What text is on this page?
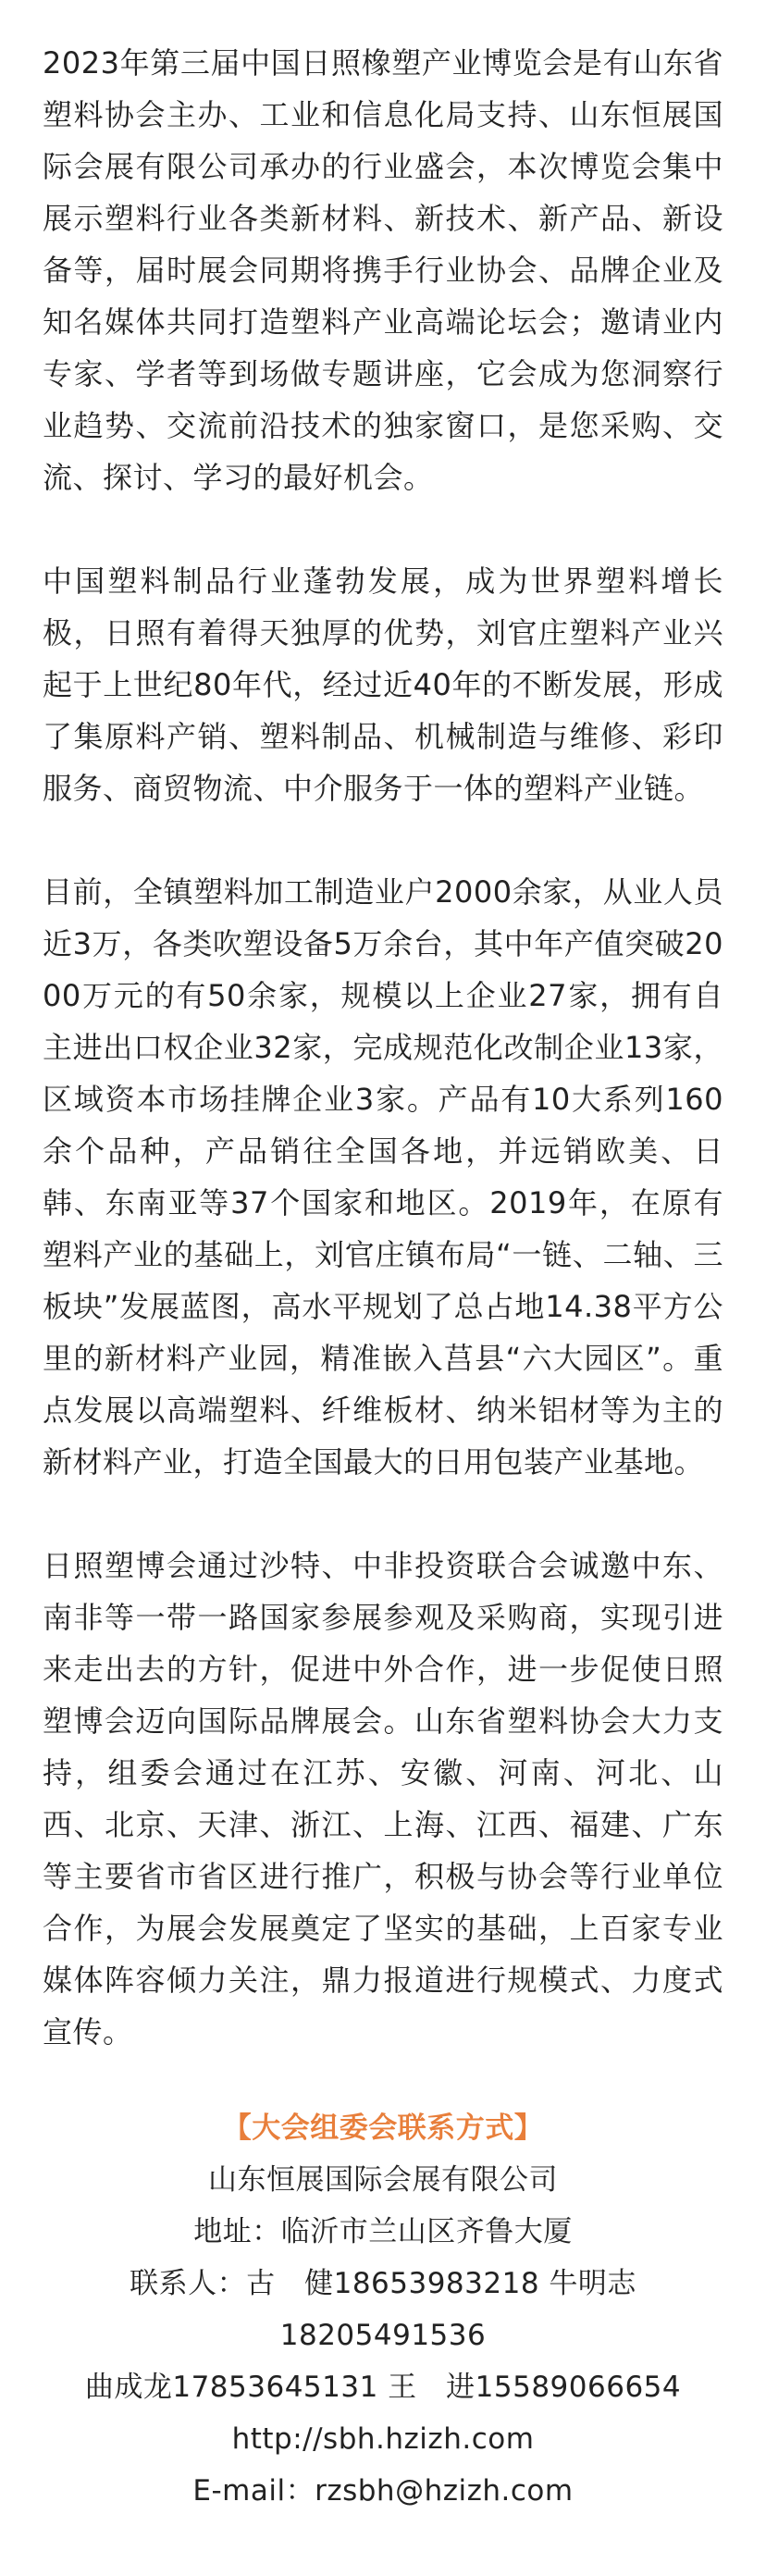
2023年第三届中国日照橡塑产业博览会是有山东省塑料协会主办、工业和信息化局支持、山东恒展国际会展有限公司承办的行业盛会，本次博览会集中展示塑料行业各类新材料、新技术、新产品、新设备等，届时展会同期将携手行业协会、品牌企业及知名媒体共同打造塑料产业高端论坛会；邀请业内专家、学者等到场做专题讲座，它会成为您洞察行业趋势、交流前沿技术的独家窗口，是您采购、交流、探讨、学习的最好机会。

中国塑料制品行业蓬勃发展，成为世界塑料增长极，日照有着得天独厚的优势，刘官庄塑料产业兴起于上世纪80年代，经过近40年的不断发展，形成了集原料产销、塑料制品、机械制造与维修、彩印服务、商贸物流、中介服务于一体的塑料产业链。

目前，全镇塑料加工制造业户2000余家，从业人员近3万，各类吹塑设备5万余台，其中年产值突破2000万元的有50余家，规模以上企业27家，拥有自主进出口权企业32家，完成规范化改制企业13家，区域资本市场挂牌企业3家。产品有10大系列160余个品种，产品销往全国各地，并远销欧美、日韩、东南亚等37个国家和地区。2019年，在原有塑料产业的基础上，刘官庄镇布局“一链、二轴、三板块”发展蓝图，高水平规划了总占地14.38平方公里的新材料产业园，精准嵌入莒县“六大园区”。重点发展以高端塑料、纤维板材、纳米铝材等为主的新材料产业，打造全国最大的日用包装产业基地。

日照塑博会通过沙特、中非投资联合会诚邀中东、南非等一带一路国家参展参观及采购商，实现引进来走出去的方针，促进中外合作，进一步促使日照塑博会迈向国际品牌展会。山东省塑料协会大力支持，组委会通过在江苏、安徽、河南、河北、山西、北京、天津、浙江、上海、江西、福建、广东等主要省市省区进行推广，积极与协会等行业单位合作，为展会发展奠定了坚实的基础，上百家专业媒体阵容倾力关注，鼎力报道进行规模式、力度式宣传。

【大会组委会联系方式】
山东恒展国际会展有限公司
地址：临沂市兰山区齐鲁大厦
联系人：古　健18653983218 牛明志
18205491536
曲成龙17853645131 王　进15589066654
http://sbh.hzizh.com
E-mail：rzsbh@hzizh.com
